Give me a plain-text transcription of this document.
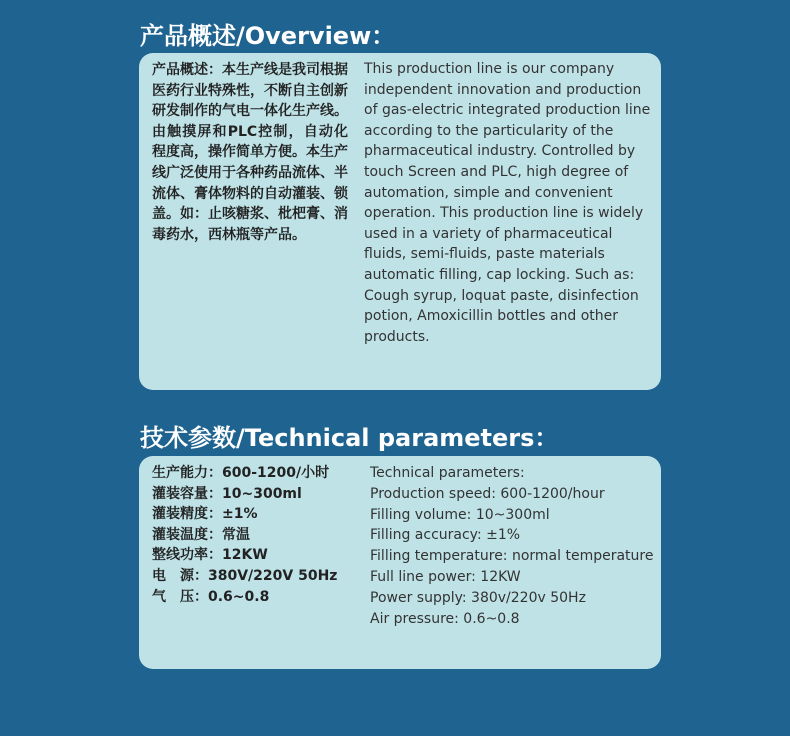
产品概述/Overview：
产品概述：本生产线是我司根据医药行业特殊性，不断自主创新研发制作的气电一体化生产线。由触摸屏和PLC控制，自动化程度高，操作简单方便。本生产线广泛使用于各种药品流体、半流体、膏体物料的自动灌装、锁盖。如：止咳糖浆、枇杷膏、消毒药水，西林瓶等产品。
This production line is our company independent innovation and production of gas-electric integrated production line according to the particularity of the pharmaceutical industry. Controlled by touch Screen and PLC, high degree of automation, simple and convenient operation. This production line is widely used in a variety of pharmaceutical fluids, semi-fluids, paste materials automatic filling, cap locking. Such as: Cough syrup, loquat paste, disinfection potion, Amoxicillin bottles and other products.
技术参数/Technical parameters：
生产能力：600-1200/小时
灌装容量：10~300ml
灌装精度：±1%
灌装温度：常温
整线功率：12KW
电　源：380V/220V 50Hz
气　压：0.6~0.8
Technical parameters:
Production speed: 600-1200/hour
Filling volume: 10~300ml
Filling accuracy: ±1%
Filling temperature: normal temperature
Full line power: 12KW
Power supply: 380v/220v 50Hz
Air pressure: 0.6~0.8
